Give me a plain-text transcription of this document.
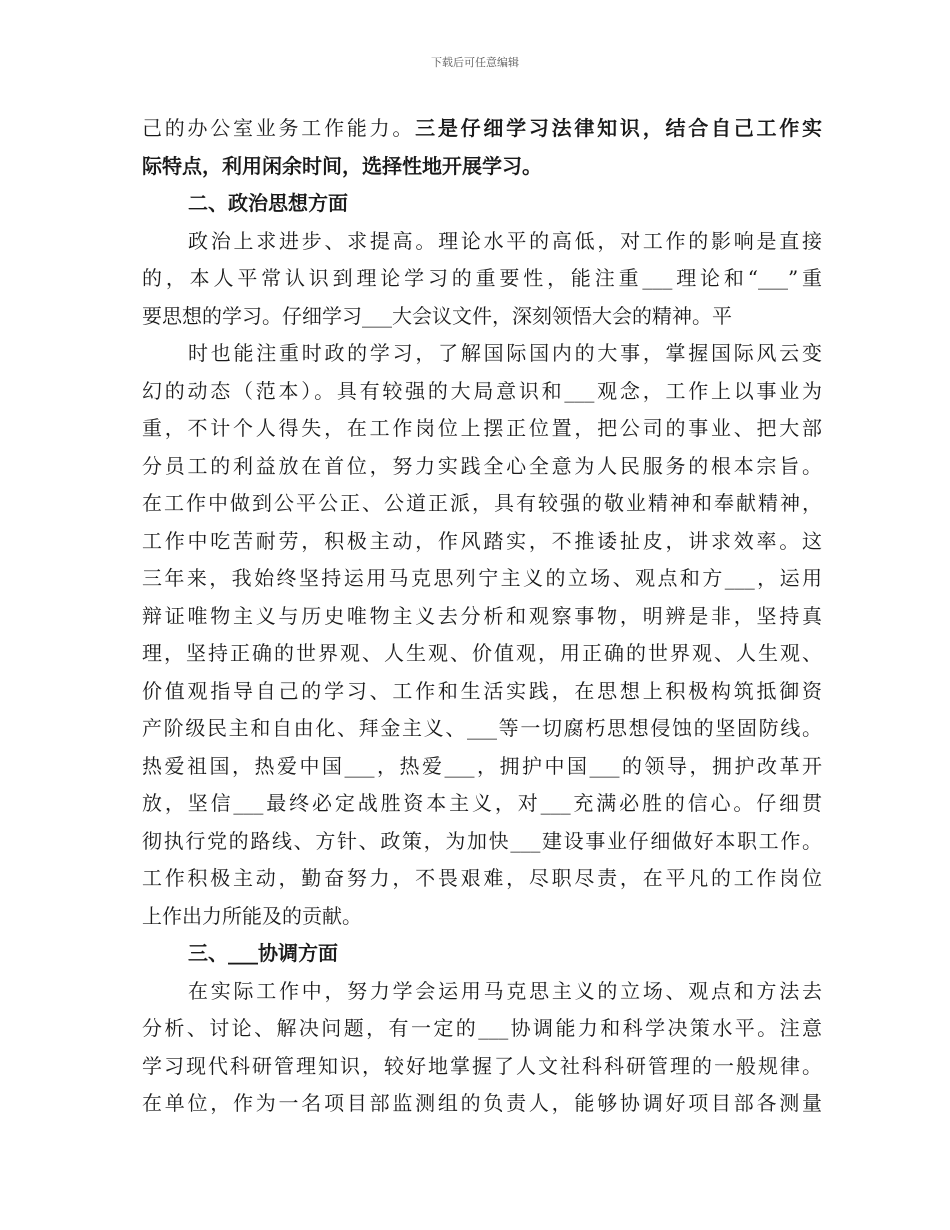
下载后可任意编辑
己的办公室业务工作能力。三是仔细学习法律知识，结合自己工作实
际特点，利用闲余时间，选择性地开展学习。
二、政治思想方面
政治上求进步、求提高。理论水平的高低，对工作的影响是直接
的，本人平常认识到理论学习的重要性，能注重___理论和“___”重
要思想的学习。仔细学习___大会议文件，深刻领悟大会的精神。平
时也能注重时政的学习，了解国际国内的大事，掌握国际风云变
幻的动态（范本）。具有较强的大局意识和___观念，工作上以事业为
重，不计个人得失，在工作岗位上摆正位置，把公司的事业、把大部
分员工的利益放在首位，努力实践全心全意为人民服务的根本宗旨。
在工作中做到公平公正、公道正派，具有较强的敬业精神和奉献精神，
工作中吃苦耐劳，积极主动，作风踏实，不推诿扯皮，讲求效率。这
三年来，我始终坚持运用马克思列宁主义的立场、观点和方___，运用
辩证唯物主义与历史唯物主义去分析和观察事物，明辨是非，坚持真
理，坚持正确的世界观、人生观、价值观，用正确的世界观、人生观、
价值观指导自己的学习、工作和生活实践，在思想上积极构筑抵御资
产阶级民主和自由化、拜金主义、___等一切腐朽思想侵蚀的坚固防线。
热爱祖国，热爱中国___，热爱___，拥护中国___的领导，拥护改革开
放，坚信___最终必定战胜资本主义，对___充满必胜的信心。仔细贯
彻执行党的路线、方针、政策，为加快___建设事业仔细做好本职工作。
工作积极主动，勤奋努力，不畏艰难，尽职尽责，在平凡的工作岗位
上作出力所能及的贡献。
三、___协调方面
在实际工作中，努力学会运用马克思主义的立场、观点和方法去
分析、讨论、解决问题，有一定的___协调能力和科学决策水平。注意
学习现代科研管理知识，较好地掌握了人文社科科研管理的一般规律。
在单位，作为一名项目部监测组的负责人，能够协调好项目部各测量
